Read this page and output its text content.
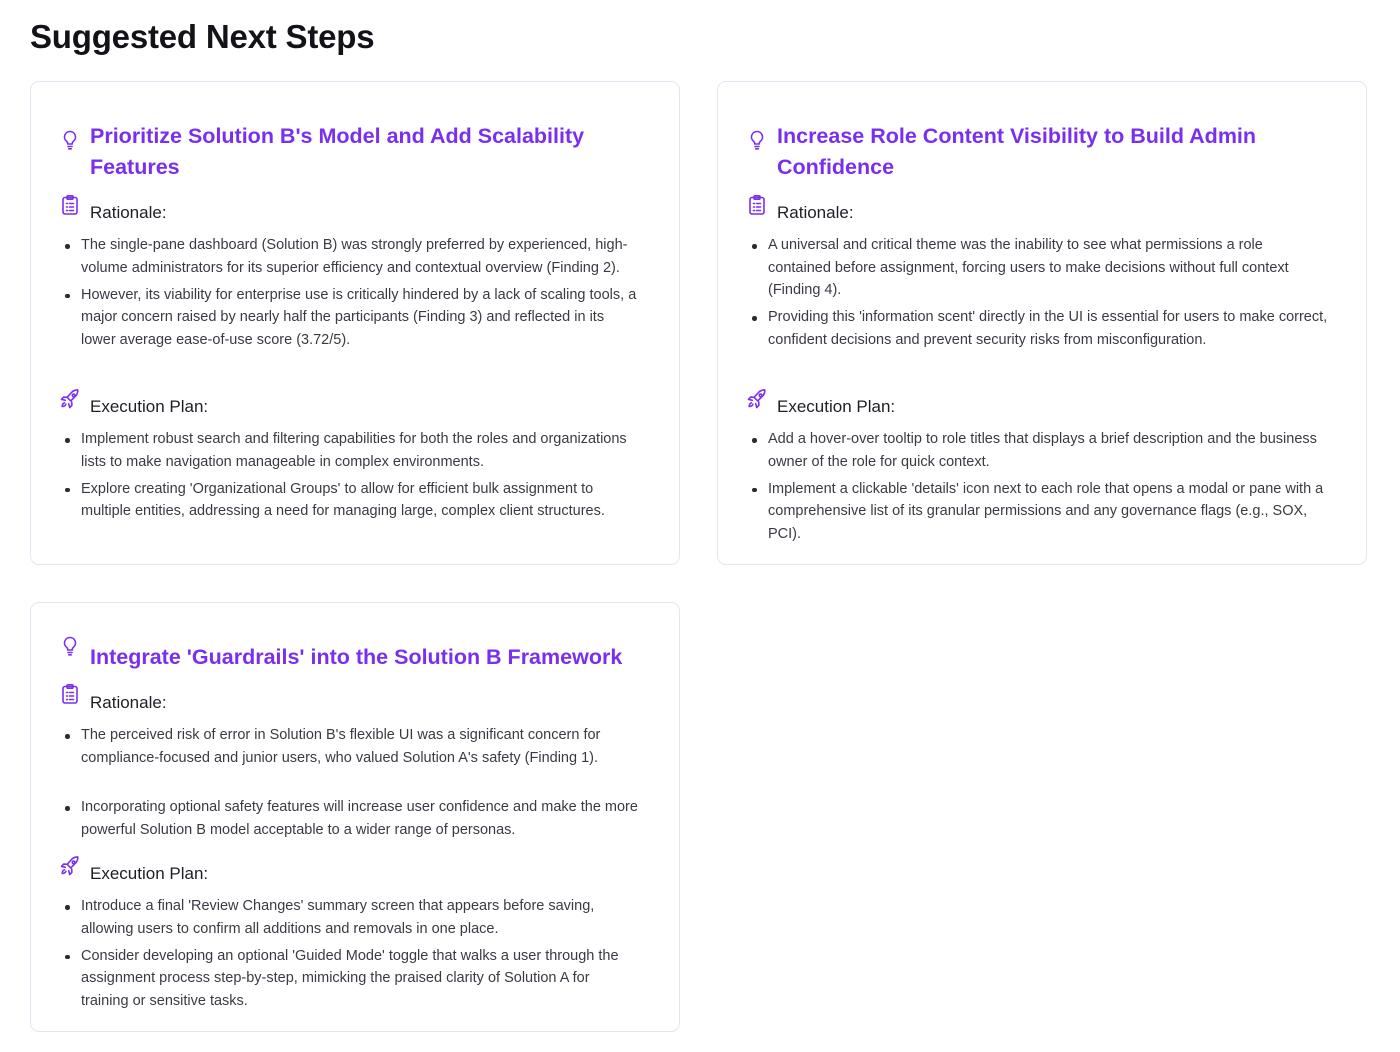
Suggested Next Steps
Prioritize Solution B's Model and Add Scalability Features
Rationale:
The single-pane dashboard (Solution B) was strongly preferred by experienced, high-volume administrators for its superior efficiency and contextual overview (Finding 2).
However, its viability for enterprise use is critically hindered by a lack of scaling tools, a major concern raised by nearly half the participants (Finding 3) and reflected in its lower average ease-of-use score (3.72/5).
Execution Plan:
Implement robust search and filtering capabilities for both the roles and organizations lists to make navigation manageable in complex environments.
Explore creating 'Organizational Groups' to allow for efficient bulk assignment to multiple entities, addressing a need for managing large, complex client structures.
Increase Role Content Visibility to Build Admin Confidence
Rationale:
A universal and critical theme was the inability to see what permissions a role contained before assignment, forcing users to make decisions without full context (Finding 4).
Providing this 'information scent' directly in the UI is essential for users to make correct, confident decisions and prevent security risks from misconfiguration.
Execution Plan:
Add a hover-over tooltip to role titles that displays a brief description and the business owner of the role for quick context.
Implement a clickable 'details' icon next to each role that opens a modal or pane with a comprehensive list of its granular permissions and any governance flags (e.g., SOX, PCI).
Integrate 'Guardrails' into the Solution B Framework
Rationale:
The perceived risk of error in Solution B's flexible UI was a significant concern for compliance-focused and junior users, who valued Solution A's safety (Finding 1).
Incorporating optional safety features will increase user confidence and make the more powerful Solution B model acceptable to a wider range of personas.
Execution Plan:
Introduce a final 'Review Changes' summary screen that appears before saving, allowing users to confirm all additions and removals in one place.
Consider developing an optional 'Guided Mode' toggle that walks a user through the assignment process step-by-step, mimicking the praised clarity of Solution A for training or sensitive tasks.
